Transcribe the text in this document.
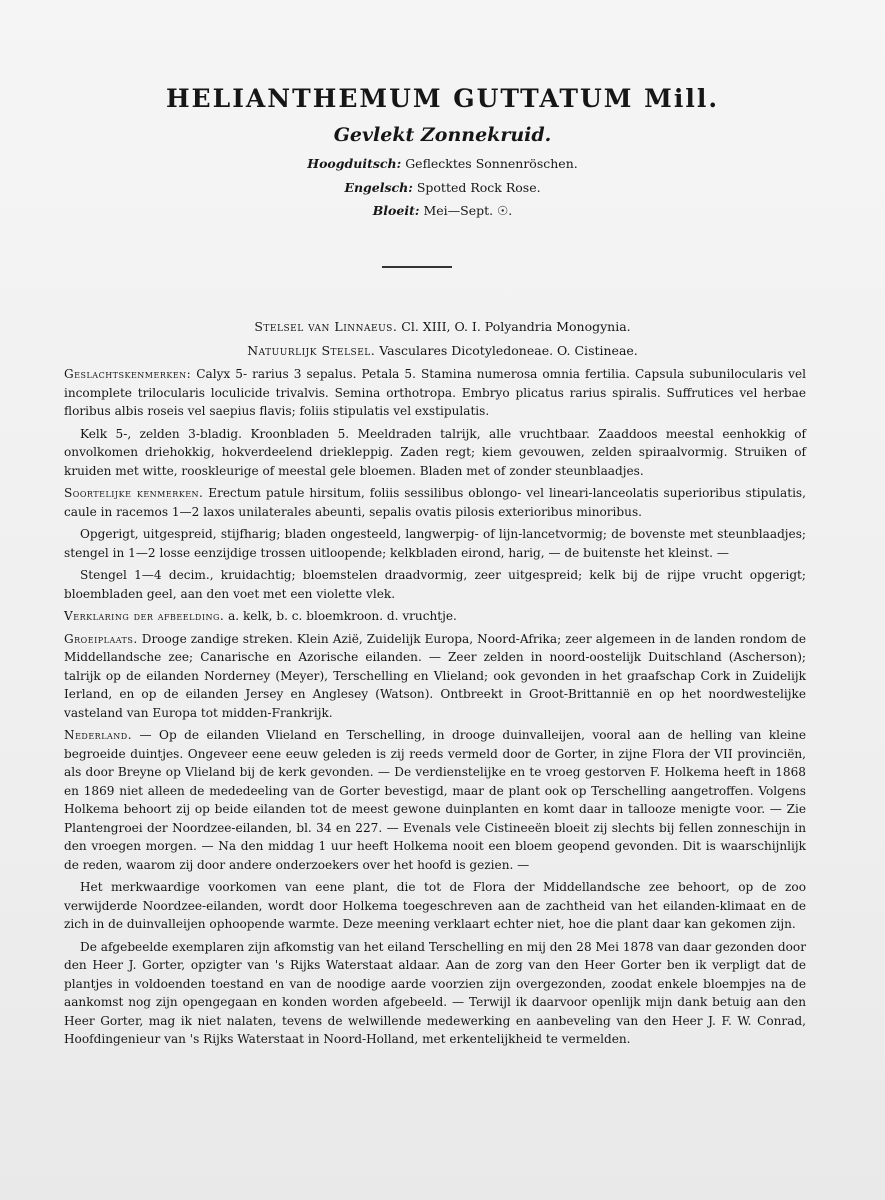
HELIANTHEMUM GUTTATUM Mill.
Gevlekt Zonnekruid.
Hoogduitsch: Geflecktes Sonnenröschen.
Engelsch: Spotted Rock Rose.
Bloeit: Mei—Sept. ☉.
Stelsel van Linnaeus. Cl. XIII, O. I. Polyandria Monogynia.
Natuurlijk Stelsel. Vasculares Dicotyledoneae. O. Cistineae.

Geslachtskenmerken: Calyx 5- rarius 3 sepalus. Petala 5. Stamina numerosa omnia fertilia. Capsula subunilocularis vel incomplete trilocularis loculicide trivalvis. Semina orthotropa. Embryo plicatus rarius spiralis. Suffrutices vel herbae floribus albis roseis vel saepius flavis; foliis stipulatis vel exstipulatis.

Kelk 5-, zelden 3-bladig. Kroonbladen 5. Meeldraden talrijk, alle vruchtbaar. Zaaddoos meestal eenhokkig of onvolkomen driehokkig, hokverdeelend driekleppig. Zaden regt; kiem gevouwen, zelden spiraalvormig. Struiken of kruiden met witte, rooskleurige of meestal gele bloemen. Bladen met of zonder steunblaadjes.

Soortelijke kenmerken. Erectum patule hirsitum, foliis sessilibus oblongo- vel lineari-lanceolatis superioribus stipulatis, caule in racemos 1—2 laxos unilaterales abeunti, sepalis ovatis pilosis exterioribus minoribus.

Opgerigt, uitgespreid, stijfharig; bladen ongesteeld, langwerpig- of lijn-lancetvormig; de bovenste met steunblaadjes; stengel in 1—2 losse eenzijdige trossen uitloopende; kelkbladen eirond, harig, — de buitenste het kleinst. —

Stengel 1—4 decim., kruidachtig; bloemstelen draadvormig, zeer uitgespreid; kelk bij de rijpe vrucht opgerigt; bloembladen geel, aan den voet met een violette vlek.

Verklaring der afbeelding. a. kelk, b. c. bloemkroon. d. vruchtje.

Groeiplaats. Drooge zandige streken. Klein Azië, Zuidelijk Europa, Noord-Afrika; zeer algemeen in de landen rondom de Middellandsche zee; Canarische en Azorische eilanden. — Zeer zelden in noord-oostelijk Duitschland (Ascherson); talrijk op de eilanden Norderney (Meyer), Terschelling en Vlieland; ook gevonden in het graafschap Cork in Zuidelijk Ierland, en op de eilanden Jersey en Anglesey (Watson). Ontbreekt in Groot-Brittannië en op het noordwestelijke vasteland van Europa tot midden-Frankrijk.

Nederland. — Op de eilanden Vlieland en Terschelling, in drooge duinvalleijen, vooral aan de helling van kleine begroeide duintjes. Ongeveer eene eeuw geleden is zij reeds vermeld door de Gorter, in zijne Flora der VII provinciën, als door Breyne op Vlieland bij de kerk gevonden. — De verdienstelijke en te vroeg gestorven F. Holkema heeft in 1868 en 1869 niet alleen de mededeeling van de Gorter bevestigd, maar de plant ook op Terschelling aangetroffen. Volgens Holkema behoort zij op beide eilanden tot de meest gewone duinplanten en komt daar in tallooze menigte voor. — Zie Plantengroei der Noordzee-eilanden, bl. 34 en 227. — Evenals vele Cistineeën bloeit zij slechts bij fellen zonneschijn in den vroegen morgen. — Na den middag 1 uur heeft Holkema nooit een bloem geopend gevonden. Dit is waarschijnlijk de reden, waarom zij door andere onderzoekers over het hoofd is gezien. —

Het merkwaardige voorkomen van eene plant, die tot de Flora der Middellandsche zee behoort, op de zoo verwijderde Noordzee-eilanden, wordt door Holkema toegeschreven aan de zachtheid van het eilanden-klimaat en de zich in de duinvalleijen ophoopende warmte. Deze meening verklaart echter niet, hoe die plant daar kan gekomen zijn.

De afgebeelde exemplaren zijn afkomstig van het eiland Terschelling en mij den 28 Mei 1878 van daar gezonden door den Heer J. Gorter, opzigter van 's Rijks Waterstaat aldaar. Aan de zorg van den Heer Gorter ben ik verpligt dat de plantjes in voldoenden toestand en van de noodige aarde voorzien zijn overgezonden, zoodat enkele bloempjes na de aankomst nog zijn opengegaan en konden worden afgebeeld. — Terwijl ik daarvoor openlijk mijn dank betuig aan den Heer Gorter, mag ik niet nalaten, tevens de welwillende medewerking en aanbeveling van den Heer J. F. W. Conrad, Hoofdingenieur van 's Rijks Waterstaat in Noord-Holland, met erkentelijkheid te vermelden.
